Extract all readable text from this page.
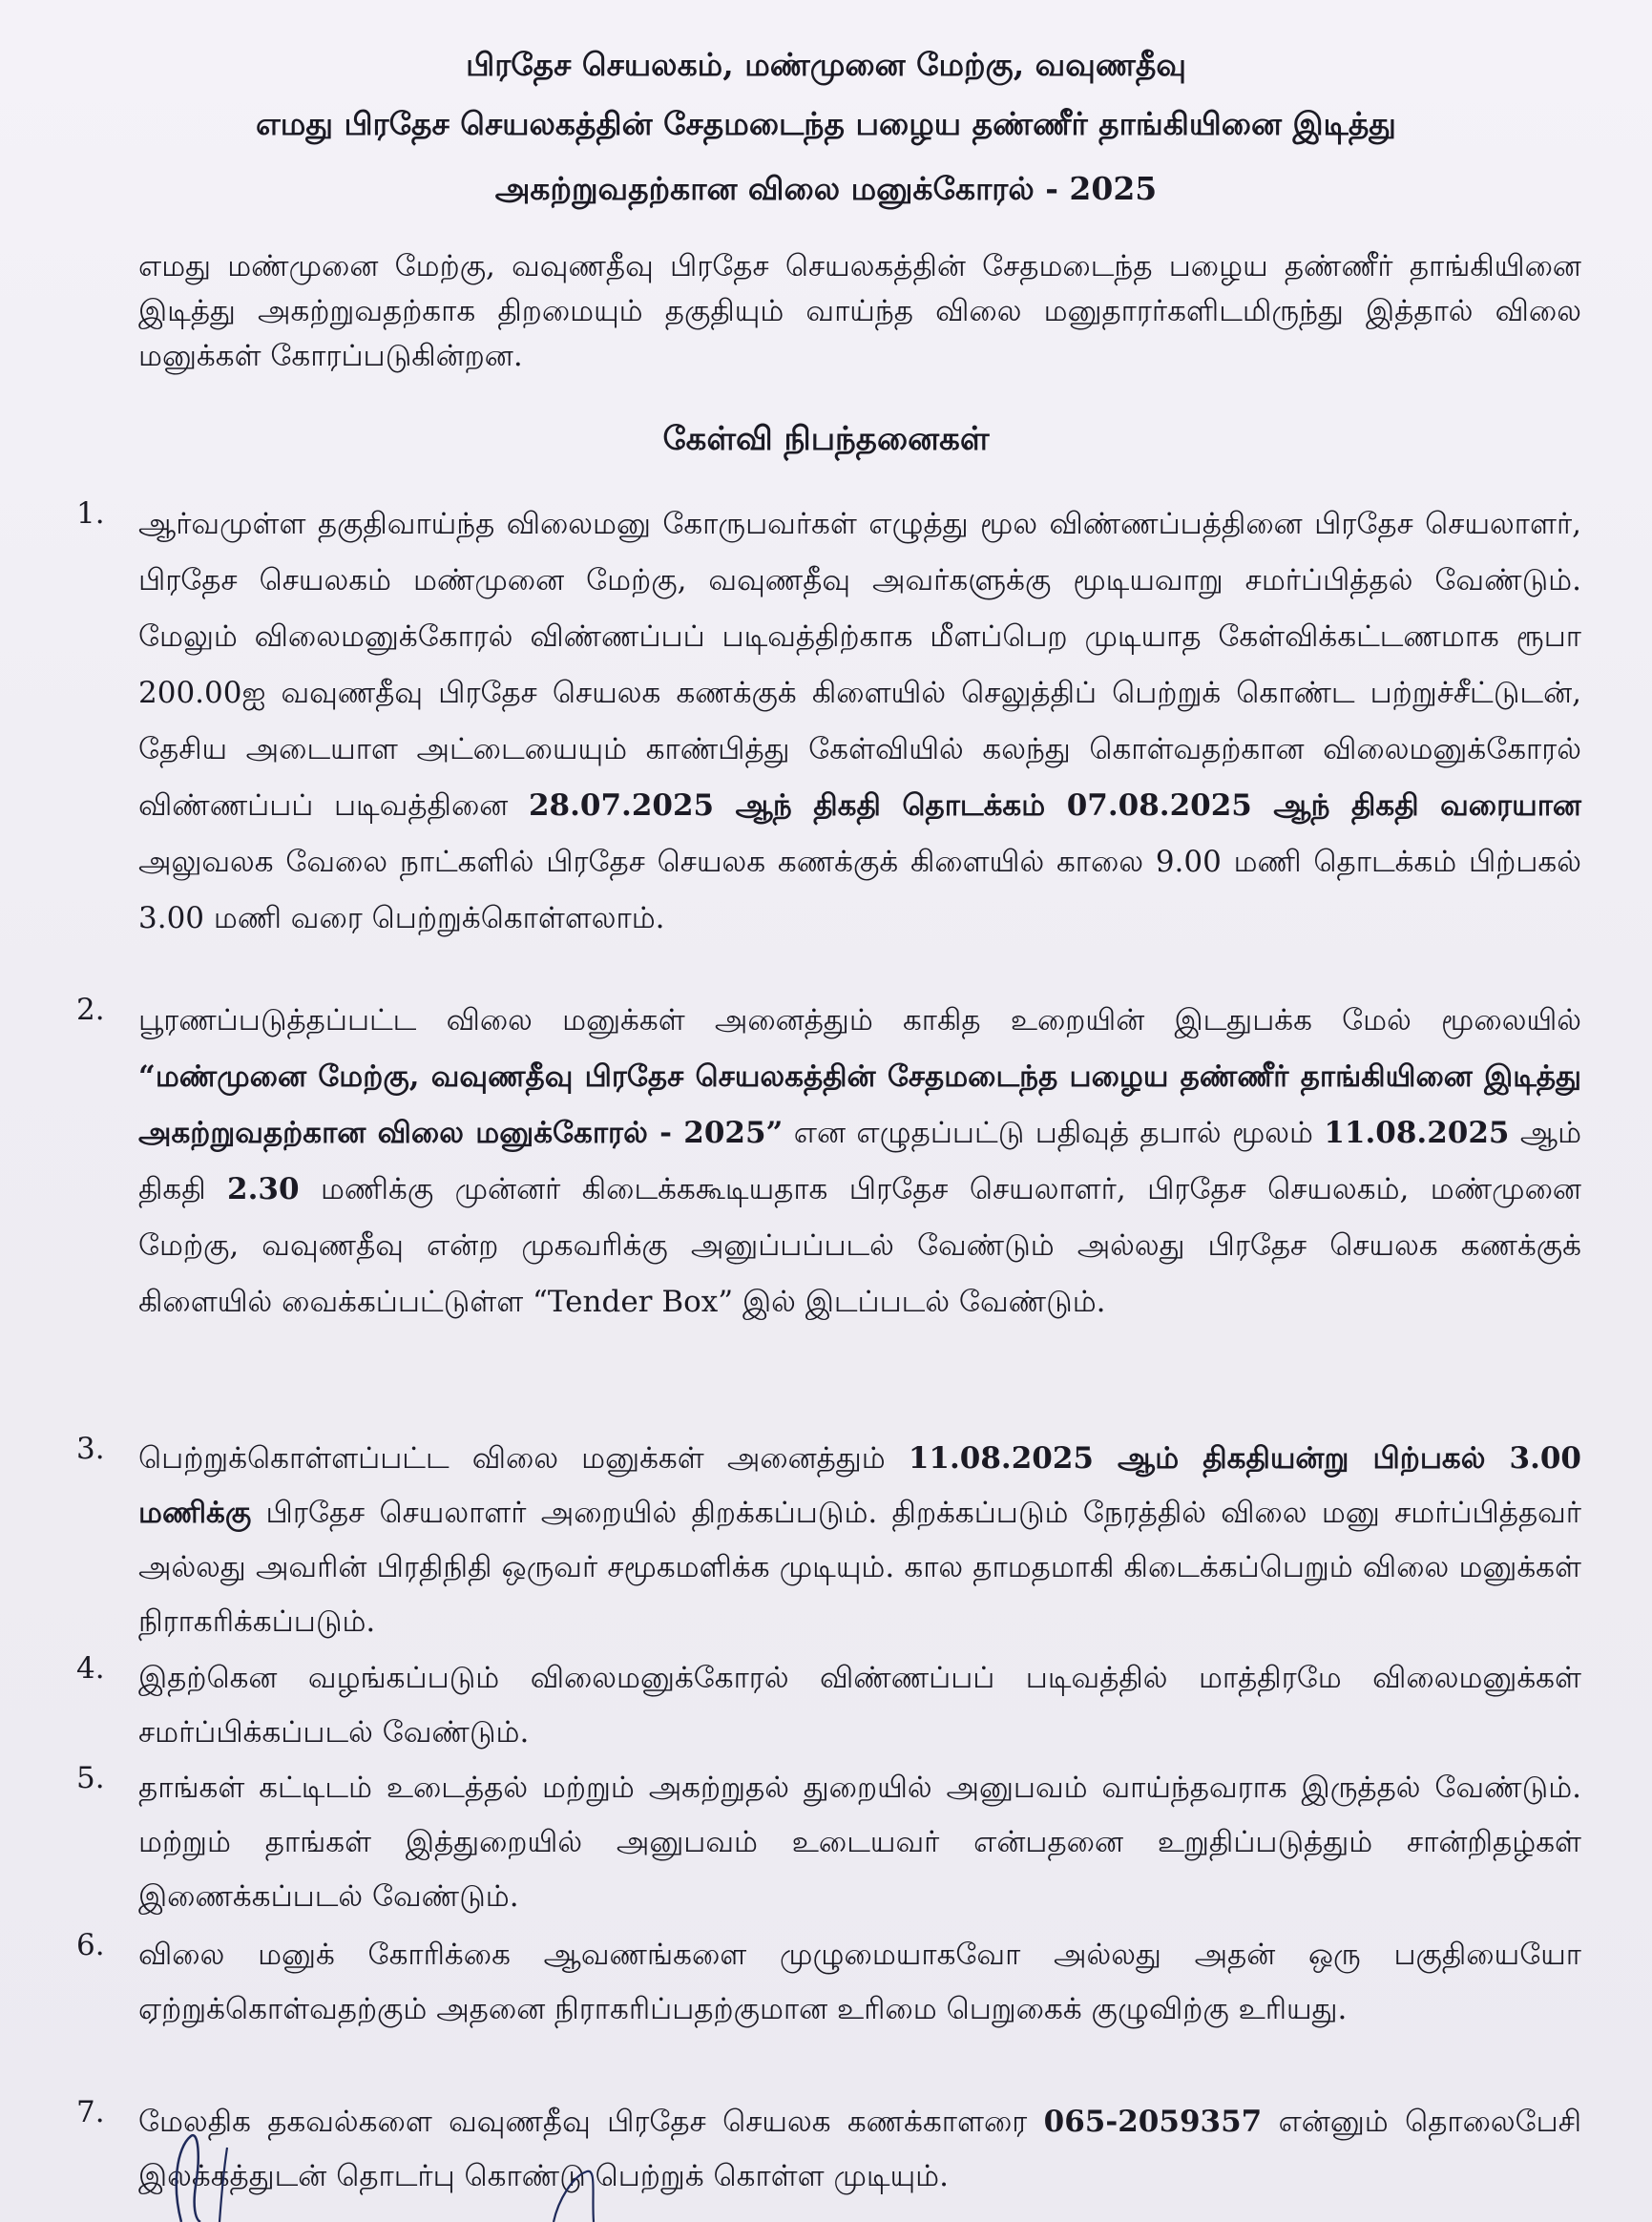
பிரதேச செயலகம், மண்முனை மேற்கு, வவுணதீவு
எமது பிரதேச செயலகத்தின் சேதமடைந்த பழைய தண்ணீர் தாங்கியினை இடித்து
அகற்றுவதற்கான விலை மனுக்கோரல் - 2025
எமது மண்முனை மேற்கு, வவுணதீவு பிரதேச செயலகத்தின் சேதமடைந்த பழைய தண்ணீர் தாங்கியினை இடித்து அகற்றுவதற்காக திறமையும் தகுதியும் வாய்ந்த விலை மனுதாரர்களிடமிருந்து இத்தால் விலை மனுக்கள் கோரப்படுகின்றன.
கேள்வி நிபந்தனைகள்
1.	ஆர்வமுள்ள தகுதிவாய்ந்த விலைமனு கோருபவர்கள் எழுத்து மூல விண்ணப்பத்தினை பிரதேச செயலாளர், பிரதேச செயலகம் மண்முனை மேற்கு, வவுணதீவு அவர்களுக்கு மூடியவாறு சமர்ப்பித்தல் வேண்டும். மேலும் விலைமனுக்கோரல் விண்ணப்பப் படிவத்திற்காக மீளப்பெற முடியாத கேள்விக்கட்டணமாக ரூபா 200.00ஐ வவுணதீவு பிரதேச செயலக கணக்குக் கிளையில் செலுத்திப் பெற்றுக் கொண்ட பற்றுச்சீட்டுடன், தேசிய அடையாள அட்டையையும் காண்பித்து கேள்வியில் கலந்து கொள்வதற்கான விலைமனுக்கோரல் விண்ணப்பப் படிவத்தினை 28.07.2025 ஆந் திகதி தொடக்கம் 07.08.2025 ஆந் திகதி வரையான அலுவலக வேலை நாட்களில் பிரதேச செயலக கணக்குக் கிளையில் காலை 9.00 மணி தொடக்கம் பிற்பகல் 3.00 மணி வரை பெற்றுக்கொள்ளலாம்.
2.	பூரணப்படுத்தப்பட்ட விலை மனுக்கள் அனைத்தும் காகித உறையின் இடதுபக்க மேல் மூலையில் “மண்முனை மேற்கு, வவுணதீவு பிரதேச செயலகத்தின் சேதமடைந்த பழைய தண்ணீர் தாங்கியினை இடித்து அகற்றுவதற்கான விலை மனுக்கோரல் - 2025” என எழுதப்பட்டு பதிவுத் தபால் மூலம் 11.08.2025 ஆம் திகதி 2.30 மணிக்கு முன்னர் கிடைக்ககூடியதாக பிரதேச செயலாளர், பிரதேச செயலகம், மண்முனை மேற்கு, வவுணதீவு என்ற முகவரிக்கு அனுப்பப்படல் வேண்டும் அல்லது பிரதேச செயலக கணக்குக் கிளையில் வைக்கப்பட்டுள்ள “Tender Box” இல் இடப்படல் வேண்டும்.
3.	பெற்றுக்கொள்ளப்பட்ட விலை மனுக்கள் அனைத்தும் 11.08.2025 ஆம் திகதியன்று பிற்பகல் 3.00 மணிக்கு பிரதேச செயலாளர் அறையில் திறக்கப்படும். திறக்கப்படும் நேரத்தில் விலை மனு சமர்ப்பித்தவர் அல்லது அவரின் பிரதிநிதி ஒருவர் சமூகமளிக்க முடியும். கால தாமதமாகி கிடைக்கப்பெறும் விலை மனுக்கள் நிராகரிக்கப்படும்.
4.	இதற்கென வழங்கப்படும் விலைமனுக்கோரல் விண்ணப்பப் படிவத்தில் மாத்திரமே விலைமனுக்கள் சமர்ப்பிக்கப்படல் வேண்டும்.
5.	தாங்கள் கட்டிடம் உடைத்தல் மற்றும் அகற்றுதல் துறையில் அனுபவம் வாய்ந்தவராக இருத்தல் வேண்டும். மற்றும் தாங்கள் இத்துறையில் அனுபவம் உடையவர் என்பதனை உறுதிப்படுத்தும் சான்றிதழ்கள் இணைக்கப்படல் வேண்டும்.
6.	விலை மனுக் கோரிக்கை ஆவணங்களை முழுமையாகவோ அல்லது அதன் ஒரு பகுதியையோ ஏற்றுக்கொள்வதற்கும் அதனை நிராகரிப்பதற்குமான உரிமை பெறுகைக் குழுவிற்கு உரியது.
7.	மேலதிக தகவல்களை வவுணதீவு பிரதேச செயலக கணக்காளரை 065-2059357 என்னும் தொலைபேசி இலக்கத்துடன் தொடர்பு கொண்டு பெற்றுக் கொள்ள முடியும்.
